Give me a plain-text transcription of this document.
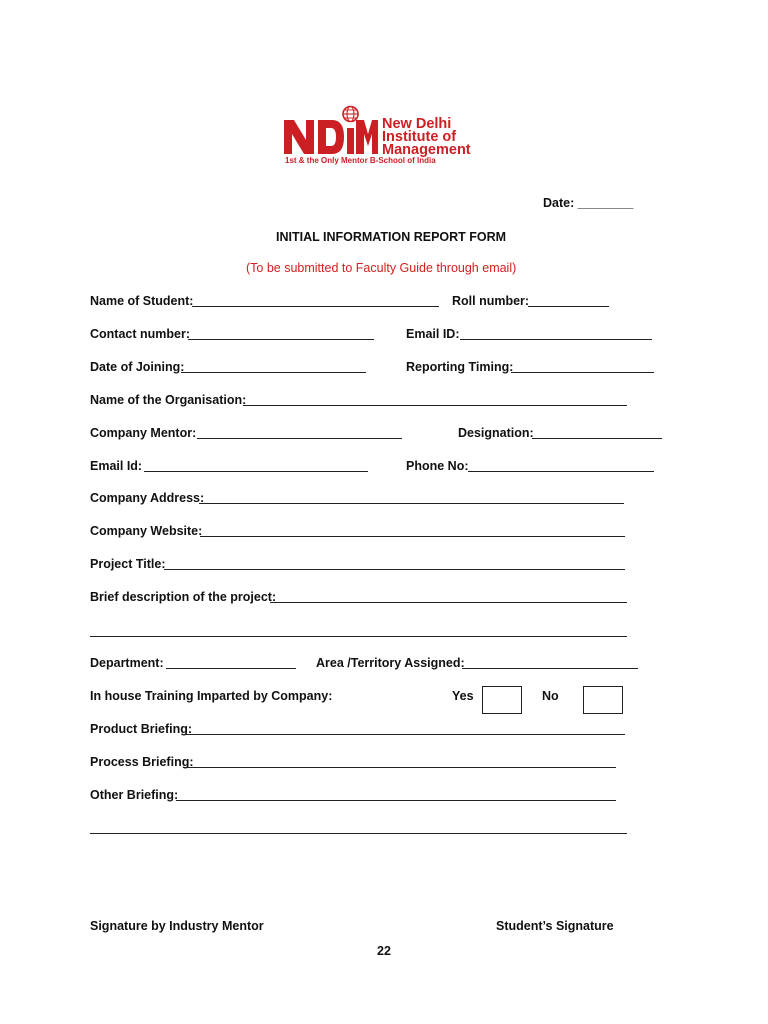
New Delhi
Institute of
Management
1st & the Only Mentor B-School of India
Date: ________
INITIAL INFORMATION REPORT FORM
(To be submitted to Faculty Guide through email)
Name of Student:	Roll number:
Contact number:	Email ID:
Date of Joining:	Reporting Timing:
Name of the Organisation:
Company Mentor:	Designation:
Email Id:	Phone No:
Company Address:
Company Website:
Project Title:
Brief description of the project:
Department:	Area /Territory Assigned:
In house Training Imparted by Company:	Yes	No
Product Briefing:
Process Briefing:
Other Briefing:
Signature by Industry Mentor	Student’s Signature
22
